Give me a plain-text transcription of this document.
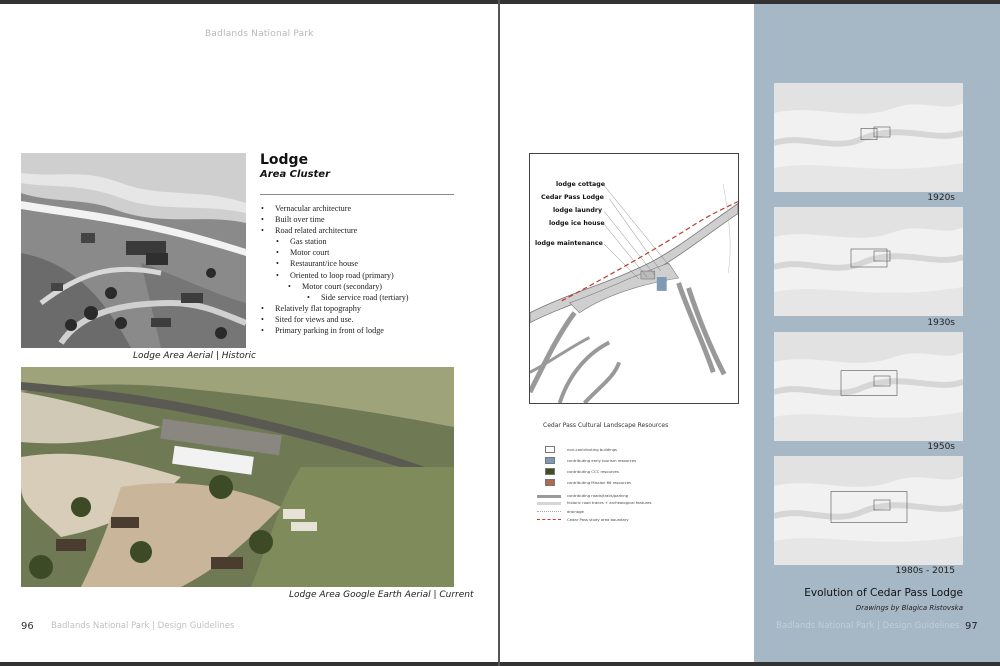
Badlands National Park
Lodge Area Aerial | Historic
Lodge
Area Cluster
• Vernacular architecture
• Built over time
• Road related architecture
• Gas station
• Motor court
• Restaurant/ice house
• Oriented to loop road (primary)
• Motor court (secondary)
• Side service road (tertiary)
• Relatively flat topography
• Sited for views and use.
• Primary parking in front of lodge
Lodge Area Google Earth Aerial | Current
96 Badlands National Park | Design Guidelines
lodge cottage
Cedar Pass Lodge
lodge laundry
lodge ice house
lodge maintenance
Cedar Pass Cultural Landscape Resources
non-contributing buildings
contributing early tourism resources
contributing CCC resources
contributing Mission 66 resources
contributing roads/trails/parking
historic road traces + archeological features
drainage
Cedar Pass study area boundary
1920s
1930s
1950s
1980s - 2015
Evolution of Cedar Pass Lodge
Drawings by Blagica Ristovska
Badlands National Park | Design Guidelines 97
